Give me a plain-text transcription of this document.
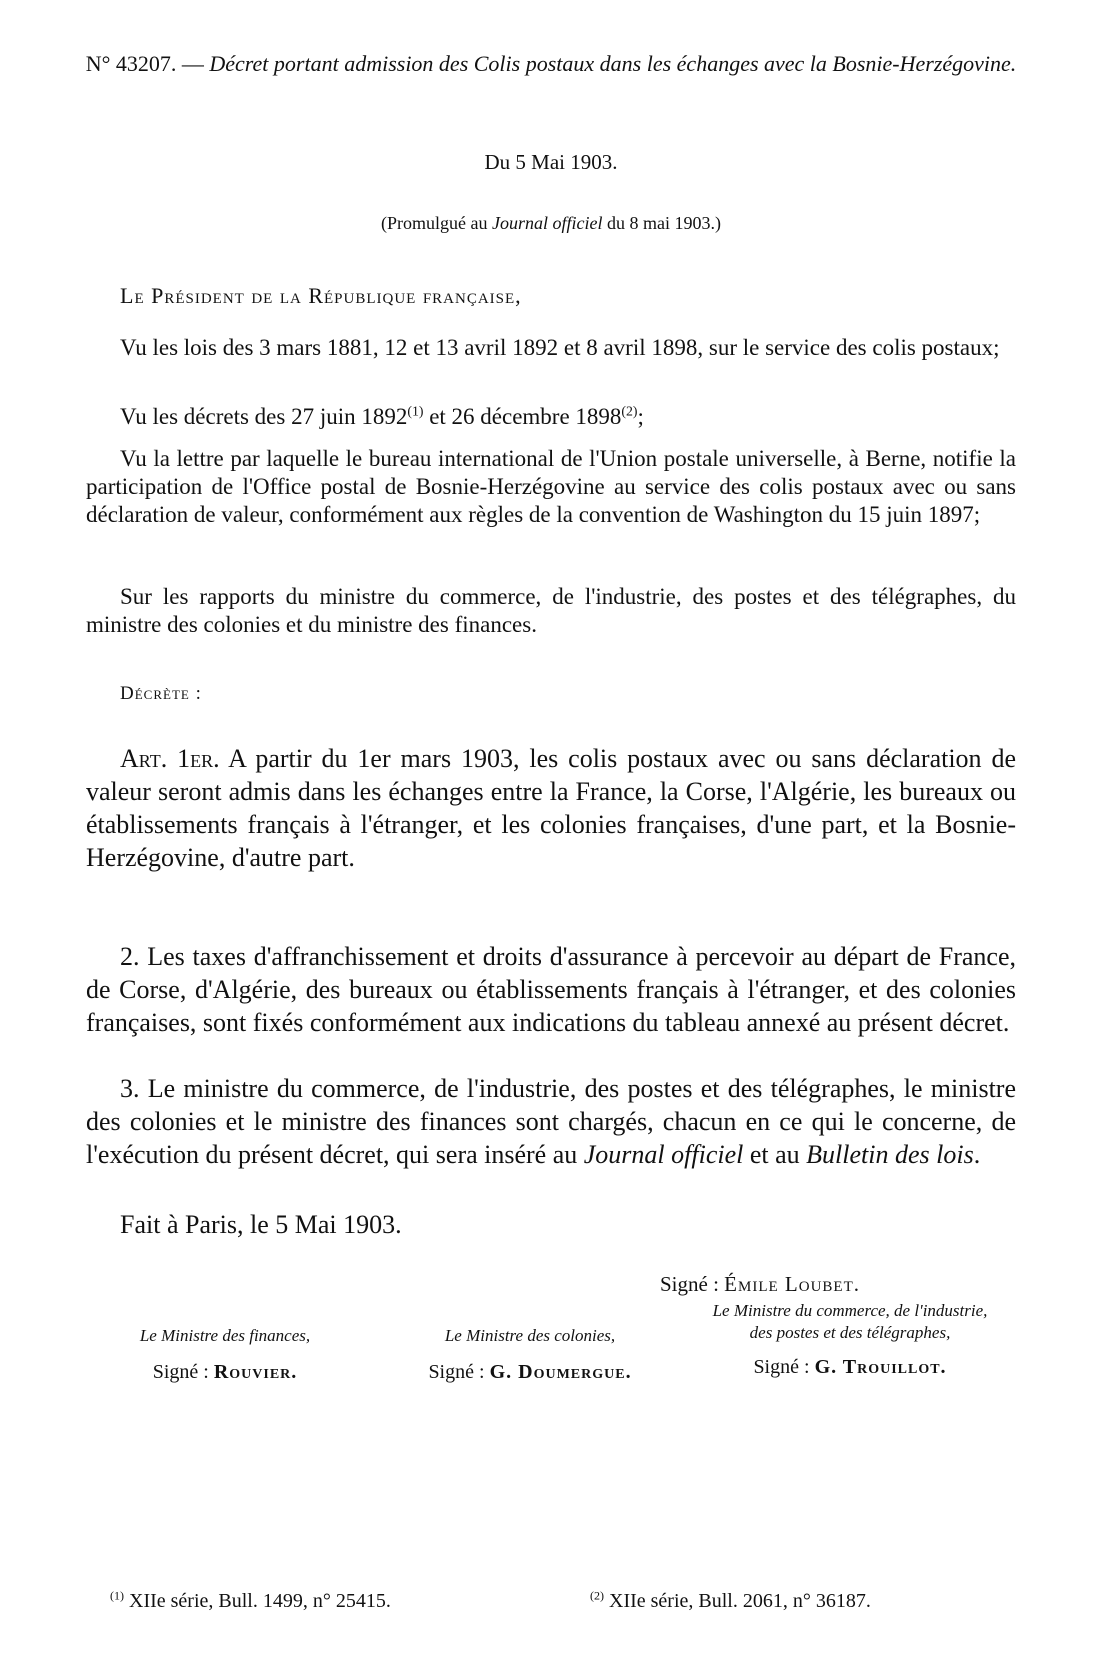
N° 43207. — Décret portant admission des Colis postaux dans les échanges avec la Bosnie-Herzégovine.

Du 5 Mai 1903.

(Promulgué au Journal officiel du 8 mai 1903.)

Le Président de la République française,

Vu les lois des 3 mars 1881, 12 et 13 avril 1892 et 8 avril 1898, sur le service des colis postaux;

Vu les décrets des 27 juin 1892$^{(1)}$ et 26 décembre 1898$^{(2)}$;

Vu la lettre par laquelle le bureau international de l'Union postale universelle, à Berne, notifie la participation de l'Office postal de Bosnie-Herzégovine au service des colis postaux avec ou sans déclaration de valeur, conformément aux règles de la convention de Washington du 15 juin 1897;

Sur les rapports du ministre du commerce, de l'industrie, des postes et des télégraphes, du ministre des colonies et du ministre des finances.

Décrète :

Art. 1er. A partir du 1er mars 1903, les colis postaux avec ou sans déclaration de valeur seront admis dans les échanges entre la France, la Corse, l'Algérie, les bureaux ou établissements français à l'étranger, et les colonies françaises, d'une part, et la Bosnie-Herzégovine, d'autre part.

2. Les taxes d'affranchissement et droits d'assurance à percevoir au départ de France, de Corse, d'Algérie, des bureaux ou établissements français à l'étranger, et des colonies françaises, sont fixés conformément aux indications du tableau annexé au présent décret.

3. Le ministre du commerce, de l'industrie, des postes et des télégraphes, le ministre des colonies et le ministre des finances sont chargés, chacun en ce qui le concerne, de l'exécution du présent décret, qui sera inséré au Journal officiel et au Bulletin des lois.

Fait à Paris, le 5 Mai 1903.

Signé : Émile Loubet.

Le Ministre des finances,
Signé : Rouvier.
Le Ministre des colonies,
Signé : G. Doumergue.
Le Ministre du commerce, de l'industrie, des postes et des télégraphes,
Signé : G. Trouillot.

$^{(1)}$ XIIe série, Bull. 1499, n° 25415.	$^{(2)}$ XIIe série, Bull. 2061, n° 36187.
